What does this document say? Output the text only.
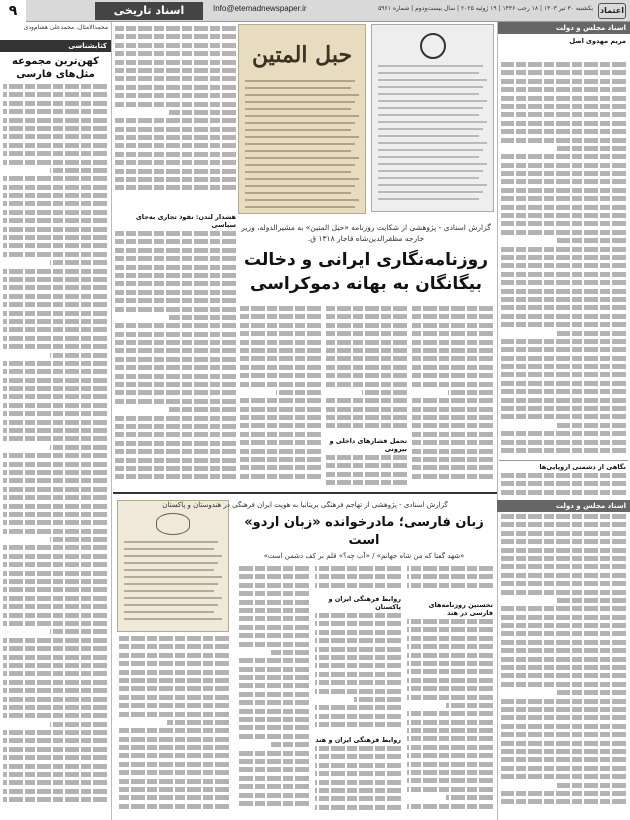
۹	اسناد تاریخی	Info@etemadnewspaper.ir	یکشنبه ۳۰ تیر ۱۴۰۳ | ۱۸ رجب ۱۴۴۶ | ۱۹ ژوئیه ۲۰۲۵ | سال بیست‌ودوم | شماره ۵۹۶۱ اعتماد
اسناد مجلس و دولت
مریم مهدوی اصل
نگاهی از دشمنی اروپایی‌ها
اسناد مجلس و دولت
محمدالامثال، محمدعلی هشام‌ودی
کتابشناسی
کهن‌ترین مجموعه مثل‌های فارسی
حبل المتین
هشدار لندن: نفوذ تجاری به‌جای سیاسی گزارش اسنادی - پژوهشی از شکایت روزنامه «حبل المتین» به مشیرالدوله، وزیر خارجه مظفرالدین‌شاه قاجار ۱۳۱۸ ق.
روزنامه‌نگاری ایرانی و دخالت بیگانگان به بهانه دموکراسی
تحمل فشارهای داخلی و بیرونی
گزارش اسنادی - پژوهشی از تهاجم فرهنگی بریتانیا به هویت ایران فرهنگی در هندوستان و پاکستان
زبان فارسی؛ مادرخوانده «زبان اردو» است
«شهد گفتا که من شاه جهانم» / «آب چه؟» قلم بر کف دشمن است»
نخستین روزنامه‌های فارسی در هند
روابط فرهنگی ایران و پاکستان
روابط فرهنگی ایران و هند
